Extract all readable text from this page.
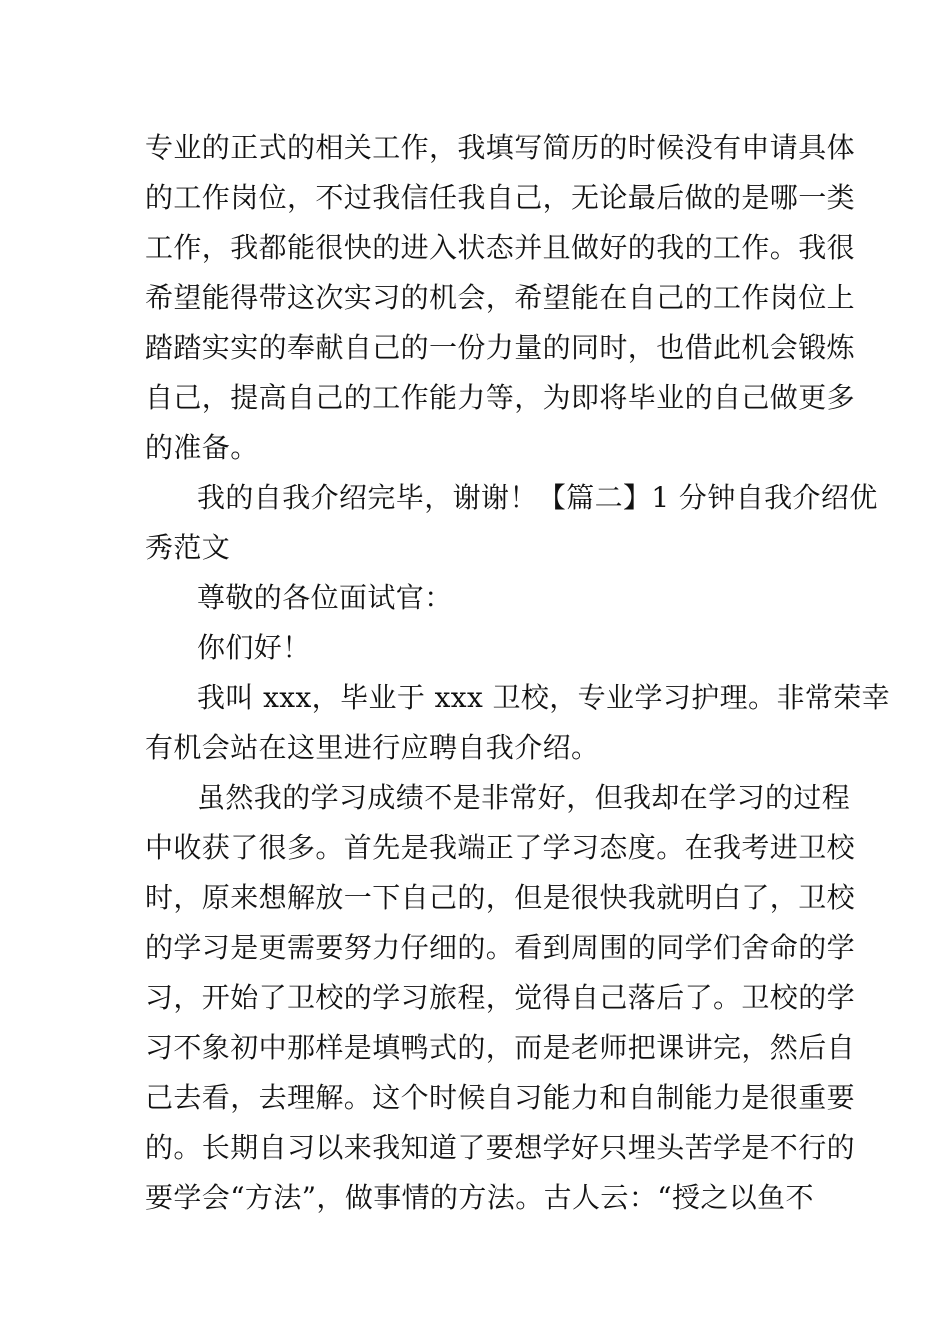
专业的正式的相关工作，我填写简历的时候没有申请具体
的工作岗位，不过我信任我自己，无论最后做的是哪一类
工作，我都能很快的进入状态并且做好的我的工作。我很
希望能得带这次实习的机会，希望能在自己的工作岗位上
踏踏实实的奉献自己的一份力量的同时，也借此机会锻炼
自己，提高自己的工作能力等，为即将毕业的自己做更多
的准备。
我的自我介绍完毕，谢谢！【篇二】1 分钟自我介绍优
秀范文
尊敬的各位面试官：
你们好！
我叫 xxx，毕业于 xxx 卫校，专业学习护理。非常荣幸
有机会站在这里进行应聘自我介绍。
虽然我的学习成绩不是非常好，但我却在学习的过程
中收获了很多。首先是我端正了学习态度。在我考进卫校
时，原来想解放一下自己的，但是很快我就明白了，卫校
的学习是更需要努力仔细的。看到周围的同学们舍命的学
习，开始了卫校的学习旅程，觉得自己落后了。卫校的学
习不象初中那样是填鸭式的，而是老师把课讲完，然后自
己去看，去理解。这个时候自习能力和自制能力是很重要
的。长期自习以来我知道了要想学好只埋头苦学是不行的
要学会“方法”，做事情的方法。古人云：“授之以鱼不
